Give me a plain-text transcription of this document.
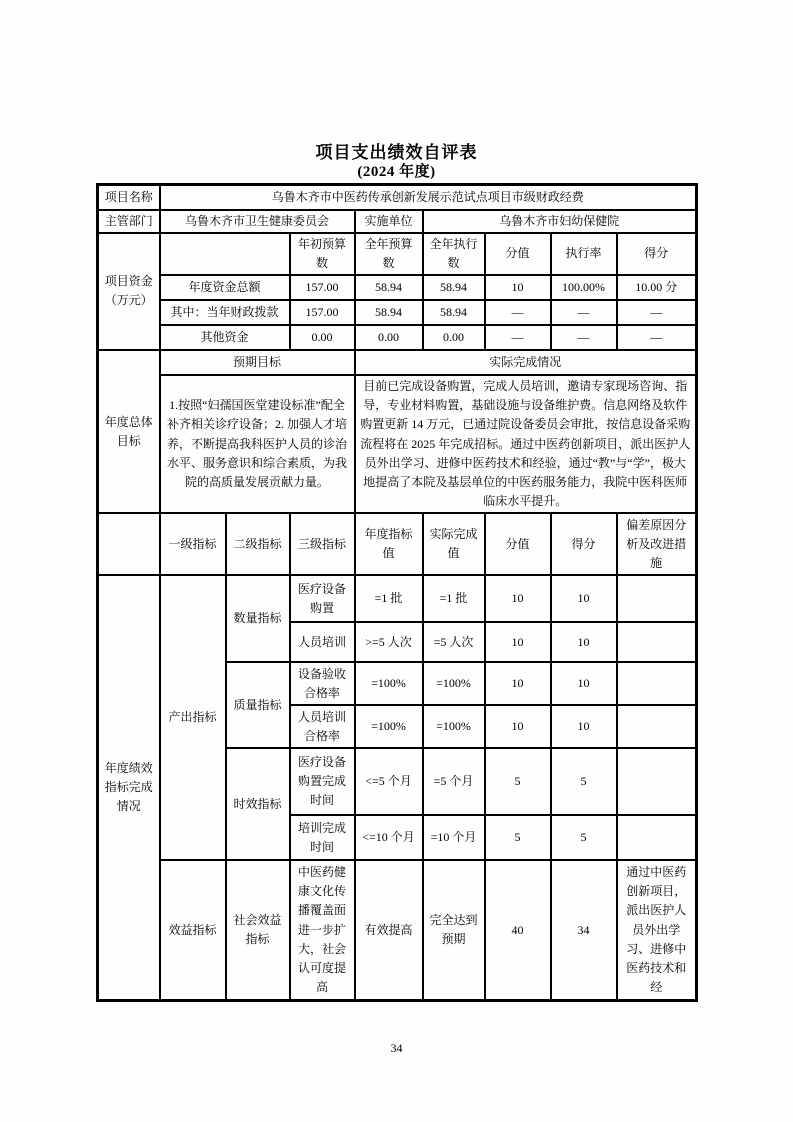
项目支出绩效自评表
(2024 年度)
项目名称	乌鲁木齐市中医药传承创新发展示范试点项目市级财政经费							
主管部门	乌鲁木齐市卫生健康委员会			实施单位	乌鲁木齐市妇幼保健院			
项目资金（万元）			年初预算数	全年预算数	全年执行数	分值	执行率	得分
	年度资金总额		157.00	58.94	58.94	10	100.00%	10.00 分
	其中：当年财政拨款		157.00	58.94	58.94	—	—	—
	其他资金		0.00	0.00	0.00	—	—	—
年度总体目标	预期目标			实际完成情况				
	1.按照“妇孺国医堂建设标准”配全补齐相关诊疗设备；2. 加强人才培养，不断提高我科医护人员的诊治水平、服务意识和综合素质，为我院的高质量发展贡献力量。			目前已完成设备购置，完成人员培训，邀请专家现场咨询、指导，专业材料购置，基础设施与设备维护费。信息网络及软件购置更新 14 万元，已通过院设备委员会审批，按信息设备采购流程将在 2025 年完成招标。通过中医药创新项目，派出医护人员外出学习、进修中医药技术和经验，通过“教”与“学”，极大地提高了本院及基层单位的中医药服务能力，我院中医科医师临床水平提升。				
	一级指标	二级指标	三级指标	年度指标值	实际完成值	分值	得分	偏差原因分析及改进措施
年度绩效指标完成情况	产出指标	数量指标	医疗设备购置	=1 批	=1 批	10	10	
			人员培训	>=5 人次	=5 人次	10	10	
		质量指标	设备验收合格率	=100%	=100%	10	10	
			人员培训合格率	=100%	=100%	10	10	
		时效指标	医疗设备购置完成时间	<=5 个月	=5 个月	5	5	
			培训完成时间	<=10 个月	=10 个月	5	5	
	效益指标	社会效益指标	中医药健康文化传播覆盖面进一步扩大，社会认可度提高	有效提高	完全达到预期	40	34	通过中医药创新项目，派出医护人员外出学习、进修中医药技术和经
34
